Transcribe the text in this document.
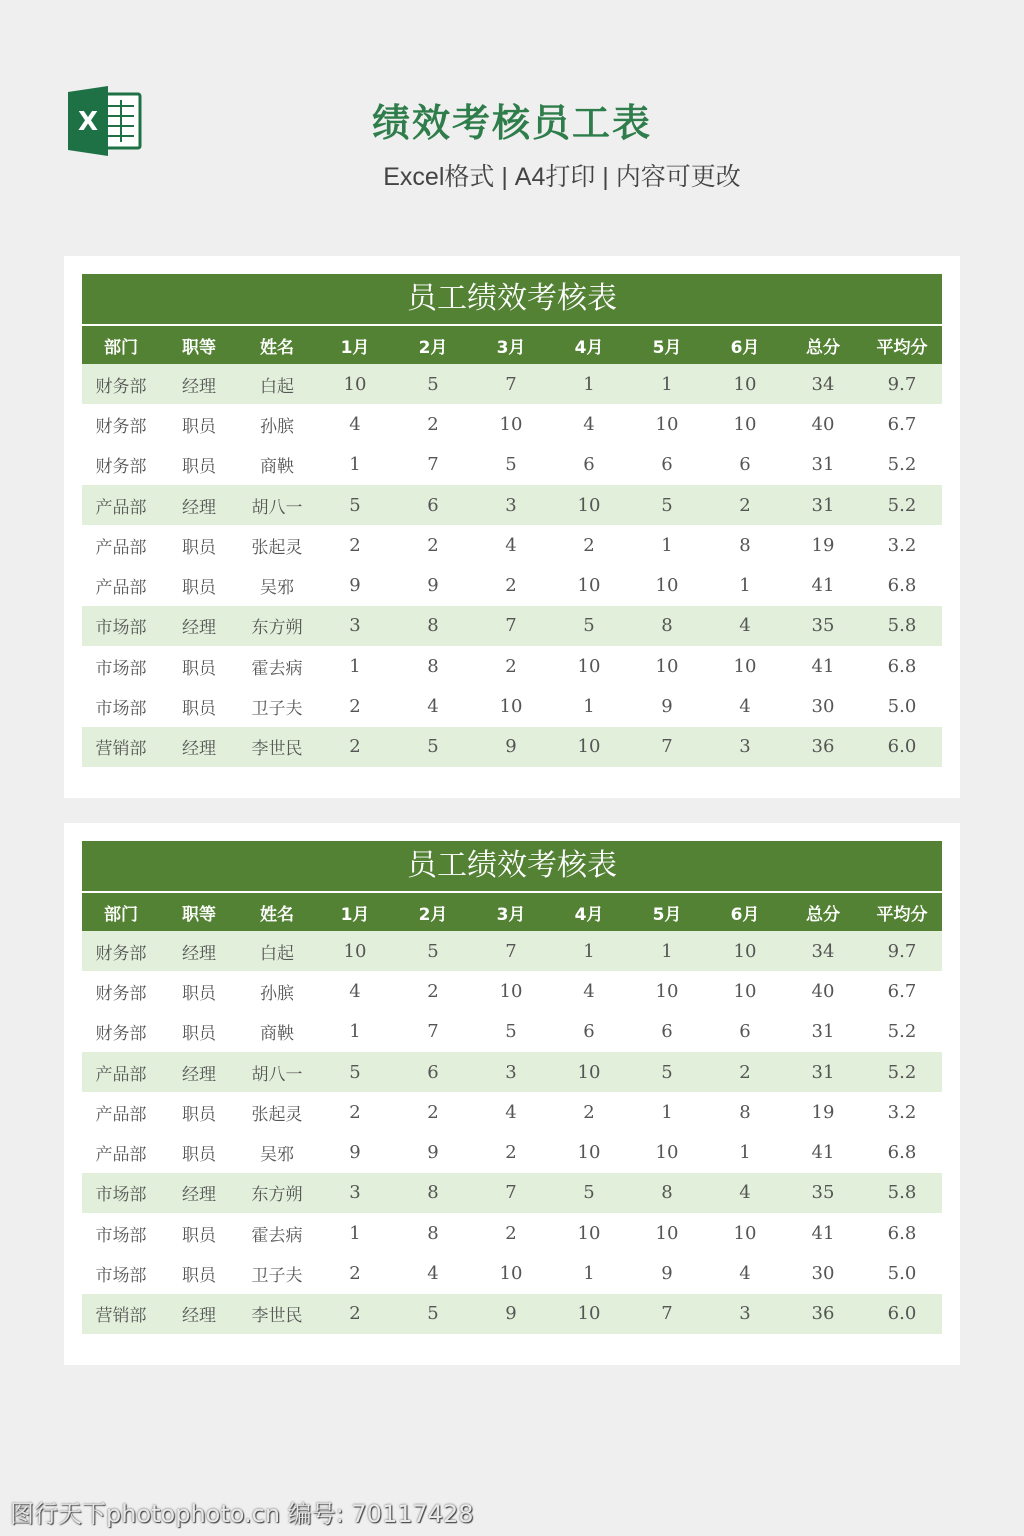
X	绩效考核员工表
Excel格式 | A4打印 | 内容可更改
员工绩效考核表
部门	职等	姓名	1月	2月	3月	4月	5月	6月	总分	平均分
财务部	经理	白起	10	5	7	1	1	10	34	9.7
财务部	职员	孙膑	4	2	10	4	10	10	40	6.7
财务部	职员	商鞅	1	7	5	6	6	6	31	5.2
产品部	经理	胡八一	5	6	3	10	5	2	31	5.2
产品部	职员	张起灵	2	2	4	2	1	8	19	3.2
产品部	职员	吴邪	9	9	2	10	10	1	41	6.8
市场部	经理	东方朔	3	8	7	5	8	4	35	5.8
市场部	职员	霍去病	1	8	2	10	10	10	41	6.8
市场部	职员	卫子夫	2	4	10	1	9	4	30	5.0
营销部	经理	李世民	2	5	9	10	7	3	36	6.0
员工绩效考核表
部门	职等	姓名	1月	2月	3月	4月	5月	6月	总分	平均分
财务部	经理	白起	10	5	7	1	1	10	34	9.7
财务部	职员	孙膑	4	2	10	4	10	10	40	6.7
财务部	职员	商鞅	1	7	5	6	6	6	31	5.2
产品部	经理	胡八一	5	6	3	10	5	2	31	5.2
产品部	职员	张起灵	2	2	4	2	1	8	19	3.2
产品部	职员	吴邪	9	9	2	10	10	1	41	6.8
市场部	经理	东方朔	3	8	7	5	8	4	35	5.8
市场部	职员	霍去病	1	8	2	10	10	10	41	6.8
市场部	职员	卫子夫	2	4	10	1	9	4	30	5.0
营销部	经理	李世民	2	5	9	10	7	3	36	6.0
图行天下photophoto.cn 编号: 70117428
